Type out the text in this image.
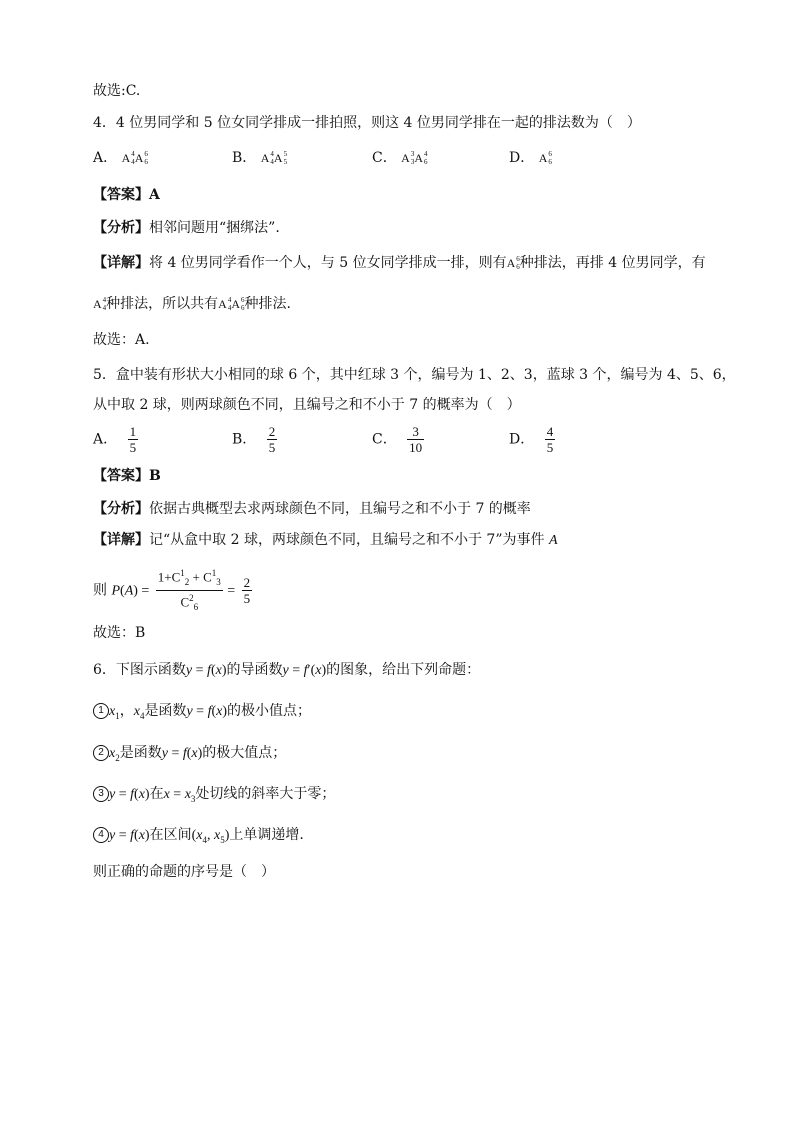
故选:C.
4．4 位男同学和 5 位女同学排成一排拍照，则这 4 位男同学排在一起的排法数为（　）
A． A 4
4 A 6
6	B． A 4
4 A 5
5	C． A 3
3 A 4
6	D． A 6
6
【答案】A
【分析】相邻问题用“捆绑法”.
【详解】将 4 位男同学看作一个人，与 5 位女同学排成一排，则有A 6
6 种排法，再排 4 位男同学，有
A 4
4 种排法，所以共有A 4
4 A 6
6 种排法.
故选：A.
5．盒中装有形状大小相同的球 6 个，其中红球 3 个，编号为 1、2、3，蓝球 3 个，编号为 4、5、6，
从中取 2 球，则两球颜色不同，且编号之和不小于 7 的概率为（　）
A． $\frac{1}{5}$	B． $\frac{2}{5}$	C． $\frac{3}{10}$	D． $\frac{4}{5}$
【答案】B
【分析】依据古典概型去求两球颜色不同，且编号之和不小于 7 的概率
【详解】记“从盒中取 2 球，两球颜色不同，且编号之和不小于 7”为事件 A
则 $P(A) = \frac{1+C^1_2 + C^1_3}{C^2_6} = \frac{2}{5}$
故选：B
6．下图示函数y = f(x)的导函数y = f′(x)的图象，给出下列命题：
1 $x_1$，$x_4$是函数y = f(x)的极小值点；
2 $x_2$是函数y = f(x)的极大值点；
3 y = f(x)在$x = x_3$处切线的斜率大于零；
4 y = f(x)在区间($x_4$, $x_5$)上单调递增.
则正确的命题的序号是（　）
